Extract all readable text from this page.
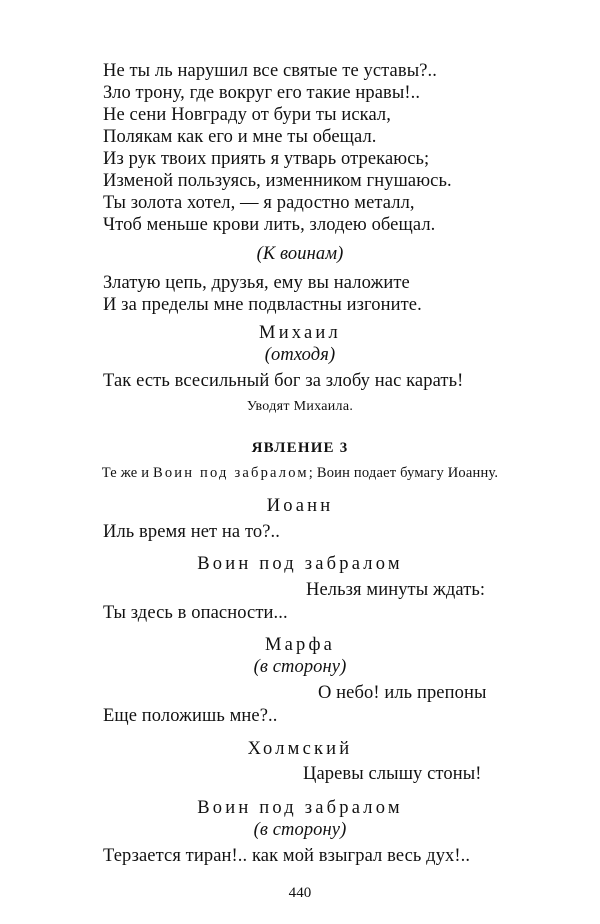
Не ты ль нарушил все святые те уставы?..
Зло трону, где вокруг его такие нравы!..
Не сени Новграду от бури ты искал,
Полякам как его и мне ты обещал.
Из рук твоих приять я утварь отрекаюсь;
Изменой пользуясь, изменником гнушаюсь.
Ты золота хотел, — я радостно металл,
Чтоб меньше крови лить, злодею обещал.
(К воинам)
Златую цепь, друзья, ему вы наложите
И за пределы мне подвластны изгоните.
Михаил
(отходя)
Так есть всесильный бог за злобу нас карать!
Уводят Михаила.
ЯВЛЕНИЕ 3
Те же и Воин под забралом; Воин подает бумагу Иоанну.
Иоанн
Иль время нет на то?..
Воин под забралом
Нельзя минуты ждать:
Ты здесь в опасности...
Марфа
(в сторону)
О небо! иль препоны
Еще положишь мне?..
Холмский
Царевы слышу стоны!
Воин под забралом
(в сторону)
Терзается тиран!.. как мой взыграл весь дух!..
440
